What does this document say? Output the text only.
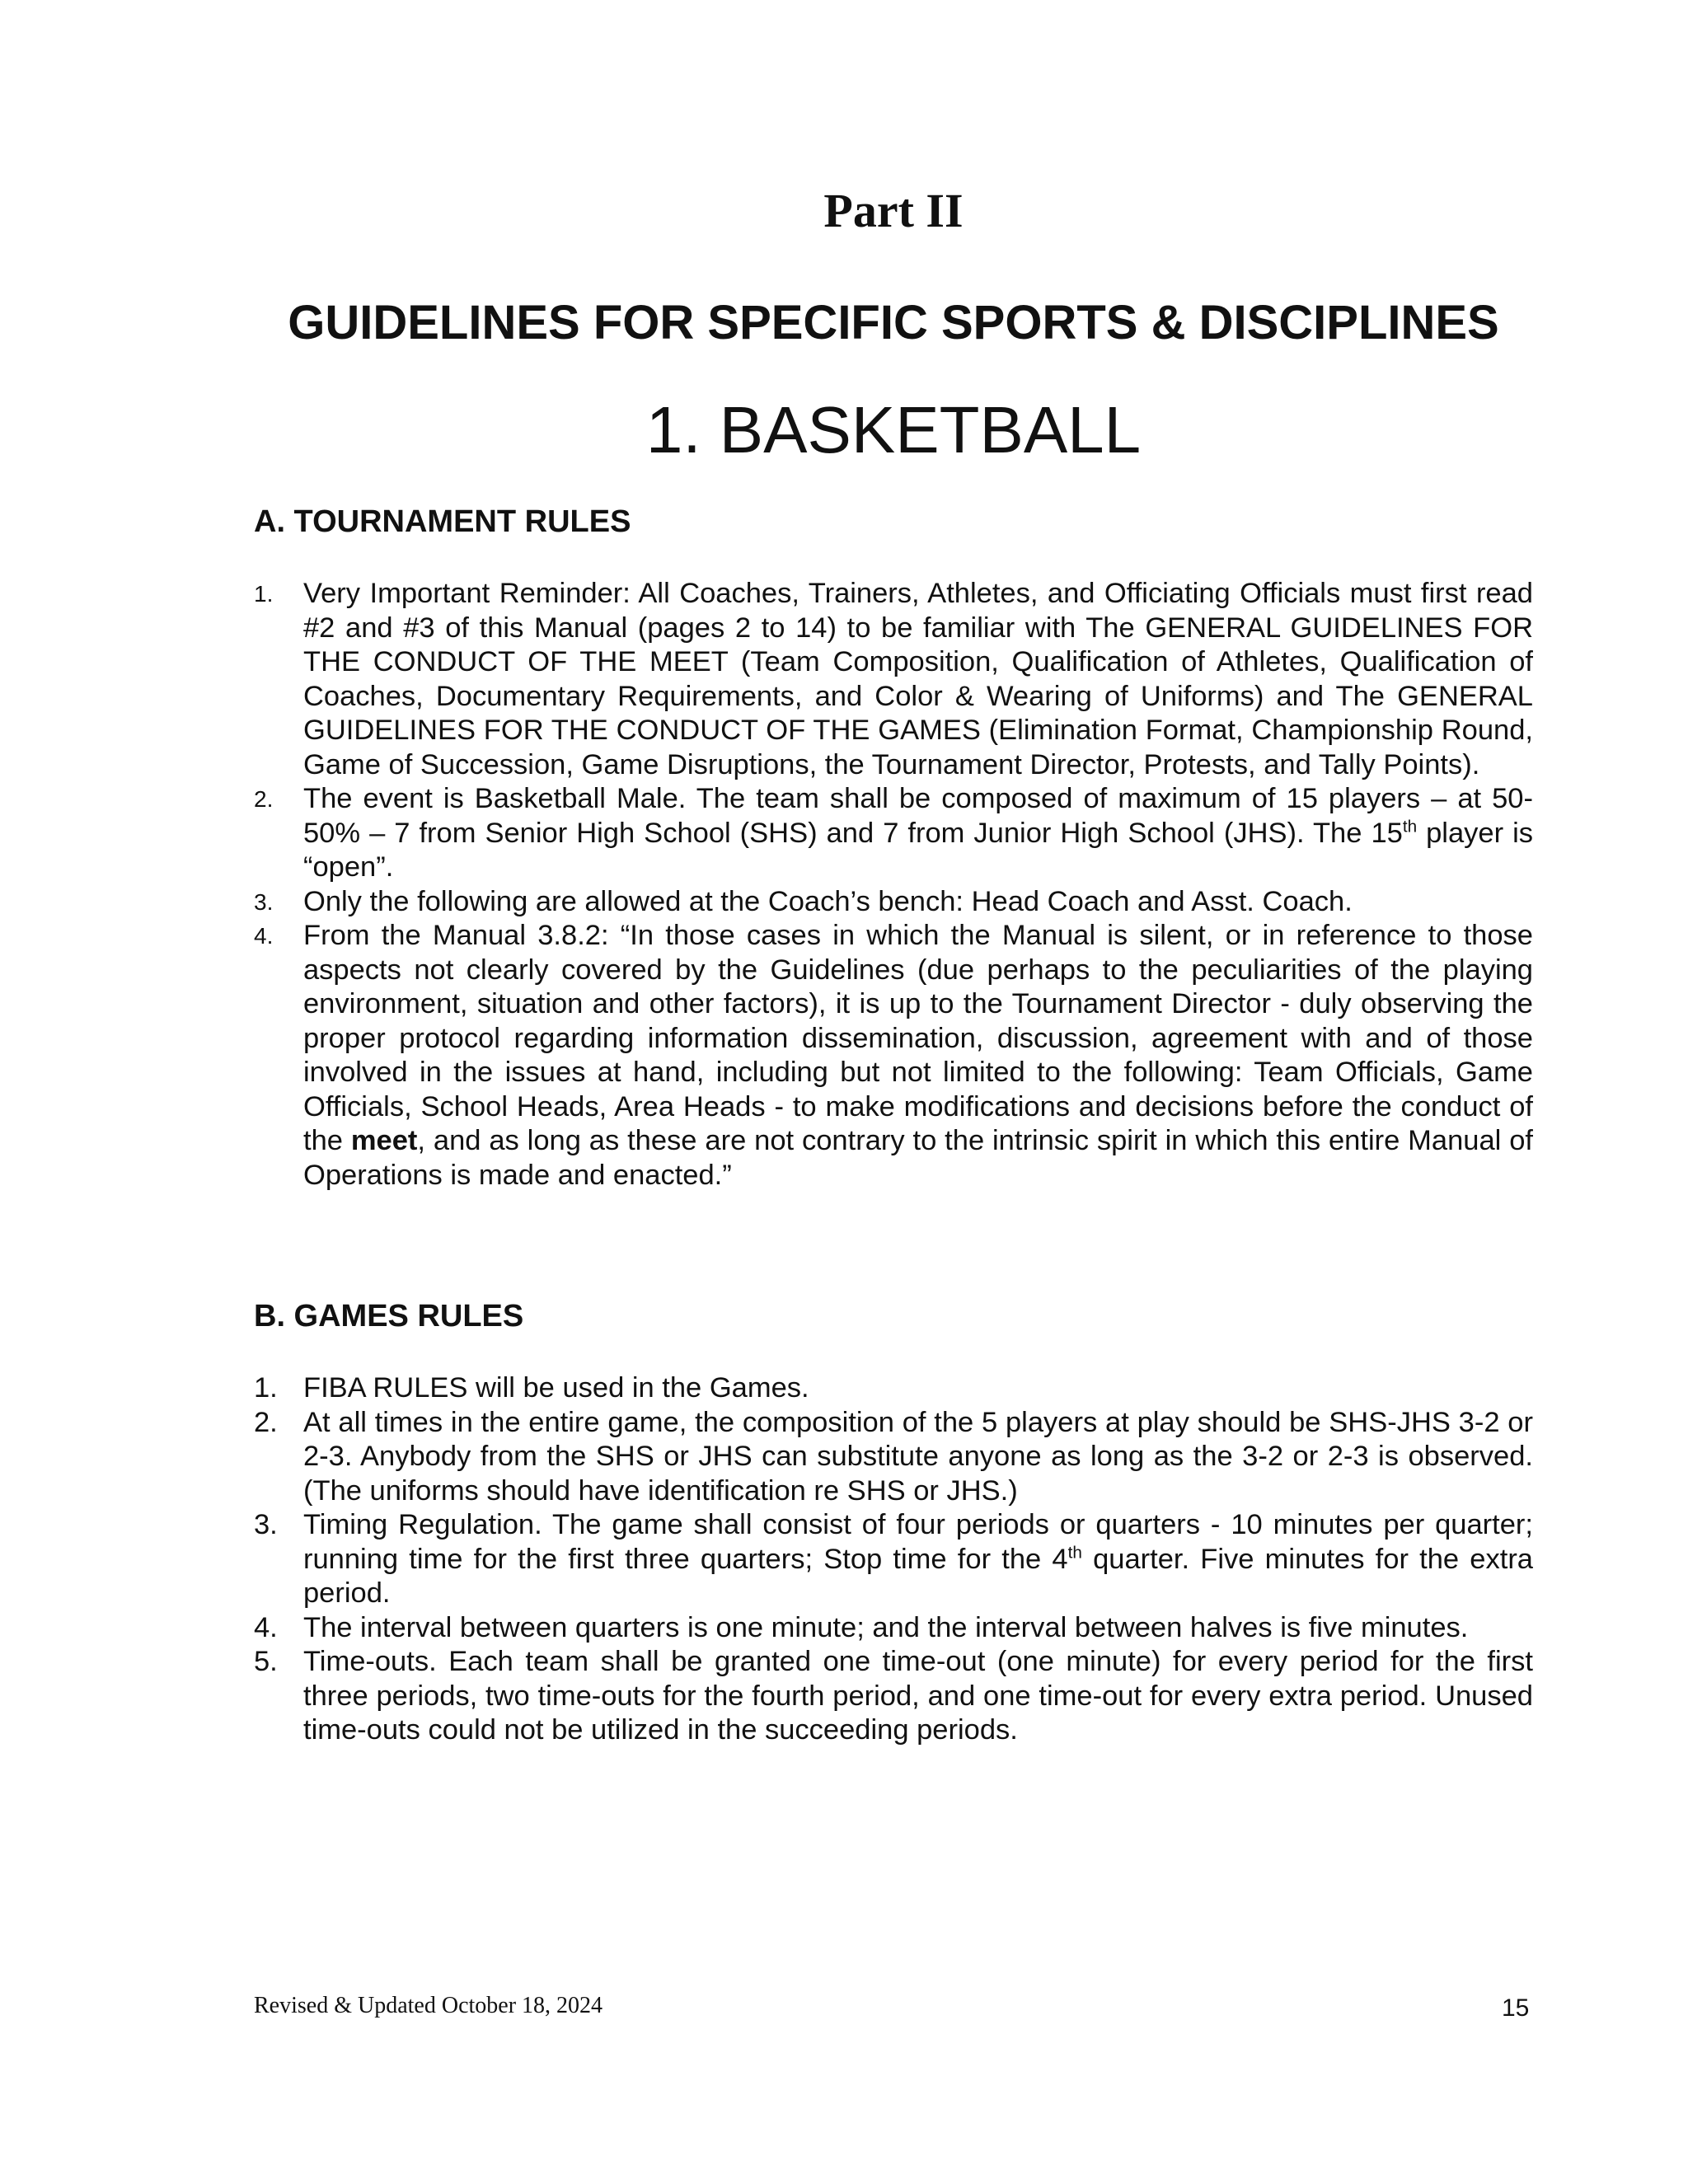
Part II
GUIDELINES FOR SPECIFIC SPORTS & DISCIPLINES
1. BASKETBALL
A. TOURNAMENT RULES
1. Very Important Reminder: All Coaches, Trainers, Athletes, and Officiating Officials must first read #2 and #3 of this Manual (pages 2 to 14) to be familiar with The GENERAL GUIDELINES FOR THE CONDUCT OF THE MEET (Team Composition, Qualification of Athletes, Qualification of Coaches, Documentary Requirements, and Color & Wearing of Uniforms) and The GENERAL GUIDELINES FOR THE CONDUCT OF THE GAMES (Elimination Format, Championship Round, Game of Succession, Game Disruptions, the Tournament Director, Protests, and Tally Points).
2. The event is Basketball Male. The team shall be composed of maximum of 15 players – at 50-50% – 7 from Senior High School (SHS) and 7 from Junior High School (JHS). The 15th player is “open”.
3. Only the following are allowed at the Coach’s bench: Head Coach and Asst. Coach.
4. From the Manual 3.8.2: “In those cases in which the Manual is silent, or in reference to those aspects not clearly covered by the Guidelines (due perhaps to the peculiarities of the playing environment, situation and other factors), it is up to the Tournament Director - duly observing the proper protocol regarding information dissemination, discussion, agreement with and of those involved in the issues at hand, including but not limited to the following: Team Officials, Game Officials, School Heads, Area Heads - to make modifications and decisions before the conduct of the meet, and as long as these are not contrary to the intrinsic spirit in which this entire Manual of Operations is made and enacted.”
B. GAMES RULES
1. FIBA RULES will be used in the Games.
2. At all times in the entire game, the composition of the 5 players at play should be SHS-JHS 3-2 or 2-3. Anybody from the SHS or JHS can substitute anyone as long as the 3-2 or 2-3 is observed. (The uniforms should have identification re SHS or JHS.)
3. Timing Regulation. The game shall consist of four periods or quarters - 10 minutes per quarter; running time for the first three quarters; Stop time for the 4th quarter. Five minutes for the extra period.
4. The interval between quarters is one minute; and the interval between halves is five minutes.
5. Time-outs. Each team shall be granted one time-out (one minute) for every period for the first three periods, two time-outs for the fourth period, and one time-out for every extra period. Unused time-outs could not be utilized in the succeeding periods.
Revised & Updated October 18, 2024	15
